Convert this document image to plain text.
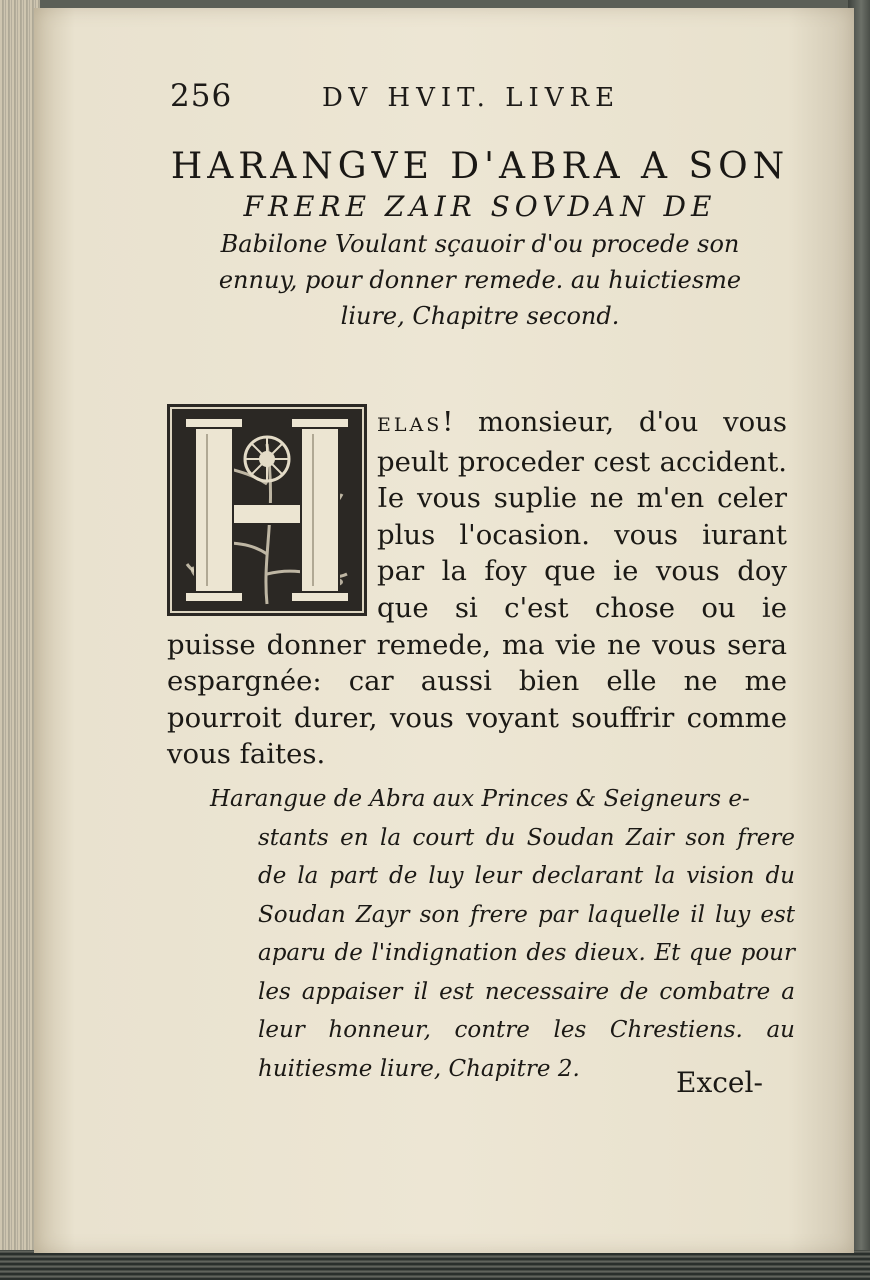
256	DV HVIT. LIVRE
HARANGVE D'ABRA A SON
FRERE ZAIR SOVDAN DE Babilone Voulant sçauoir d'ou procede son ennuy, pour donner remede. au huictiesme liure, Chapitre second.
ELAS! monsieur, d'ou vous peult proceder cest accident. Ie vous suplie ne m'en celer plus l'ocasion. vous iurant par la foy que ie vous doy que si c'est chose ou ie puisse donner remede, ma vie ne vous sera espargnée: car aussi bien elle ne me pourroit durer, vous voyant souffrir comme vous faites.
Harangue de Abra aux Princes & Seigneurs e-
stants en la court du Soudan Zair son frere de la part de luy leur declarant la vision du Soudan Zayr son frere par laquelle il luy est aparu de l'indignation des dieux. Et que pour les appaiser il est necessaire de combatre a leur honneur, contre les Chrestiens. au huitiesme liure, Chapitre 2.	Excel-
